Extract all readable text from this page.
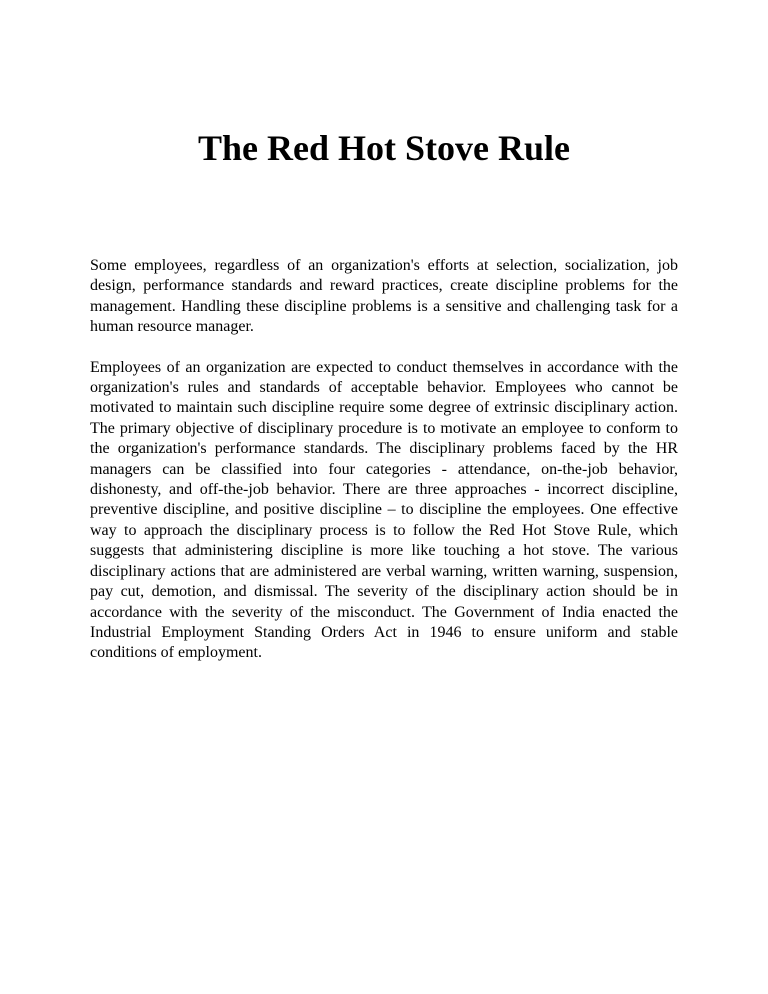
The Red Hot Stove Rule

Some employees, regardless of an organization's efforts at selection, socialization, job design, performance standards and reward practices, create discipline problems for the management. Handling these discipline problems is a sensitive and challenging task for a human resource manager.

Employees of an organization are expected to conduct themselves in accordance with the organization's rules and standards of acceptable behavior. Employees who cannot be motivated to maintain such discipline require some degree of extrinsic disciplinary action. The primary objective of disciplinary procedure is to motivate an employee to conform to the organization's performance standards. The disciplinary problems faced by the HR managers can be classified into four categories - attendance, on-the-job behavior, dishonesty, and off-the-job behavior. There are three approaches - incorrect discipline, preventive discipline, and positive discipline – to discipline the employees. One effective way to approach the disciplinary process is to follow the Red Hot Stove Rule, which suggests that administering discipline is more like touching a hot stove. The various disciplinary actions that are administered are verbal warning, written warning, suspension, pay cut, demotion, and dismissal. The severity of the disciplinary action should be in accordance with the severity of the misconduct. The Government of India enacted the Industrial Employment Standing Orders Act in 1946 to ensure uniform and stable conditions of employment.
